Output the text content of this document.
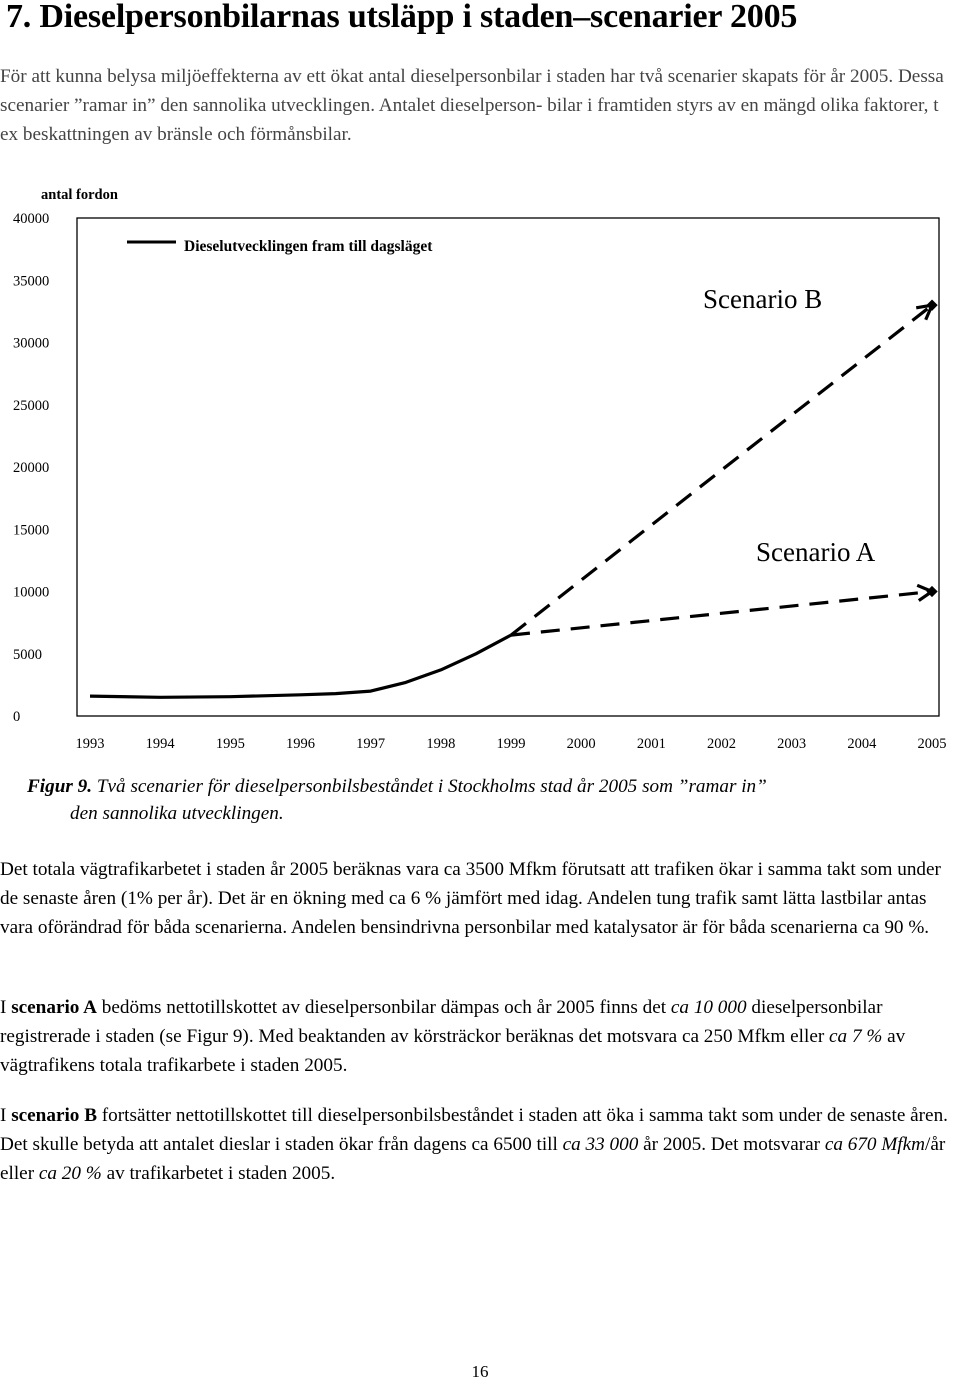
7. Dieselpersonbilarnas utsläpp i staden–scenarier 2005

För att kunna belysa miljöeffekterna av ett ökat antal dieselpersonbilar i staden har två scenarier skapats för år 2005. Dessa scenarier ”ramar in” den sannolika utvecklingen. Antalet dieselperson- bilar i framtiden styrs av en mängd olika faktorer, t ex beskattningen av bränsle och förmånsbilar.

antal fordon
0
5000
10000
15000
20000
25000
30000
35000
40000
1993	1994	1995	1996	1997	1998	1999	2000	2001	2002	2003	2004	2005
Dieselutvecklingen fram till dagsläget
Scenario B
Scenario A

Figur 9. Två scenarier för dieselpersonbilsbeståndet i Stockholms stad år 2005 som ”ramar in”
den sannolika utvecklingen.

Det totala vägtrafikarbetet i staden år 2005 beräknas vara ca 3500 Mfkm förutsatt att trafiken ökar i samma takt som under de senaste åren (1% per år). Det är en ökning med ca 6 % jämfört med idag. Andelen tung trafik samt lätta lastbilar antas vara oförändrad för båda scenarierna. Andelen bensindrivna personbilar med katalysator är för båda scenarierna ca 90 %.

I scenario A bedöms nettotillskottet av dieselpersonbilar dämpas och år 2005 finns det ca 10 000 dieselpersonbilar registrerade i staden (se Figur 9). Med beaktanden av körsträckor beräknas det motsvara ca 250 Mfkm eller ca 7 % av vägtrafikens totala trafikarbete i staden 2005.

I scenario B fortsätter nettotillskottet till dieselpersonbilsbeståndet i staden att öka i samma takt som under de senaste åren. Det skulle betyda att antalet dieslar i staden ökar från dagens ca 6500 till ca 33 000 år 2005. Det motsvarar ca 670 Mfkm/år eller ca 20 % av trafikarbetet i staden 2005.

16
